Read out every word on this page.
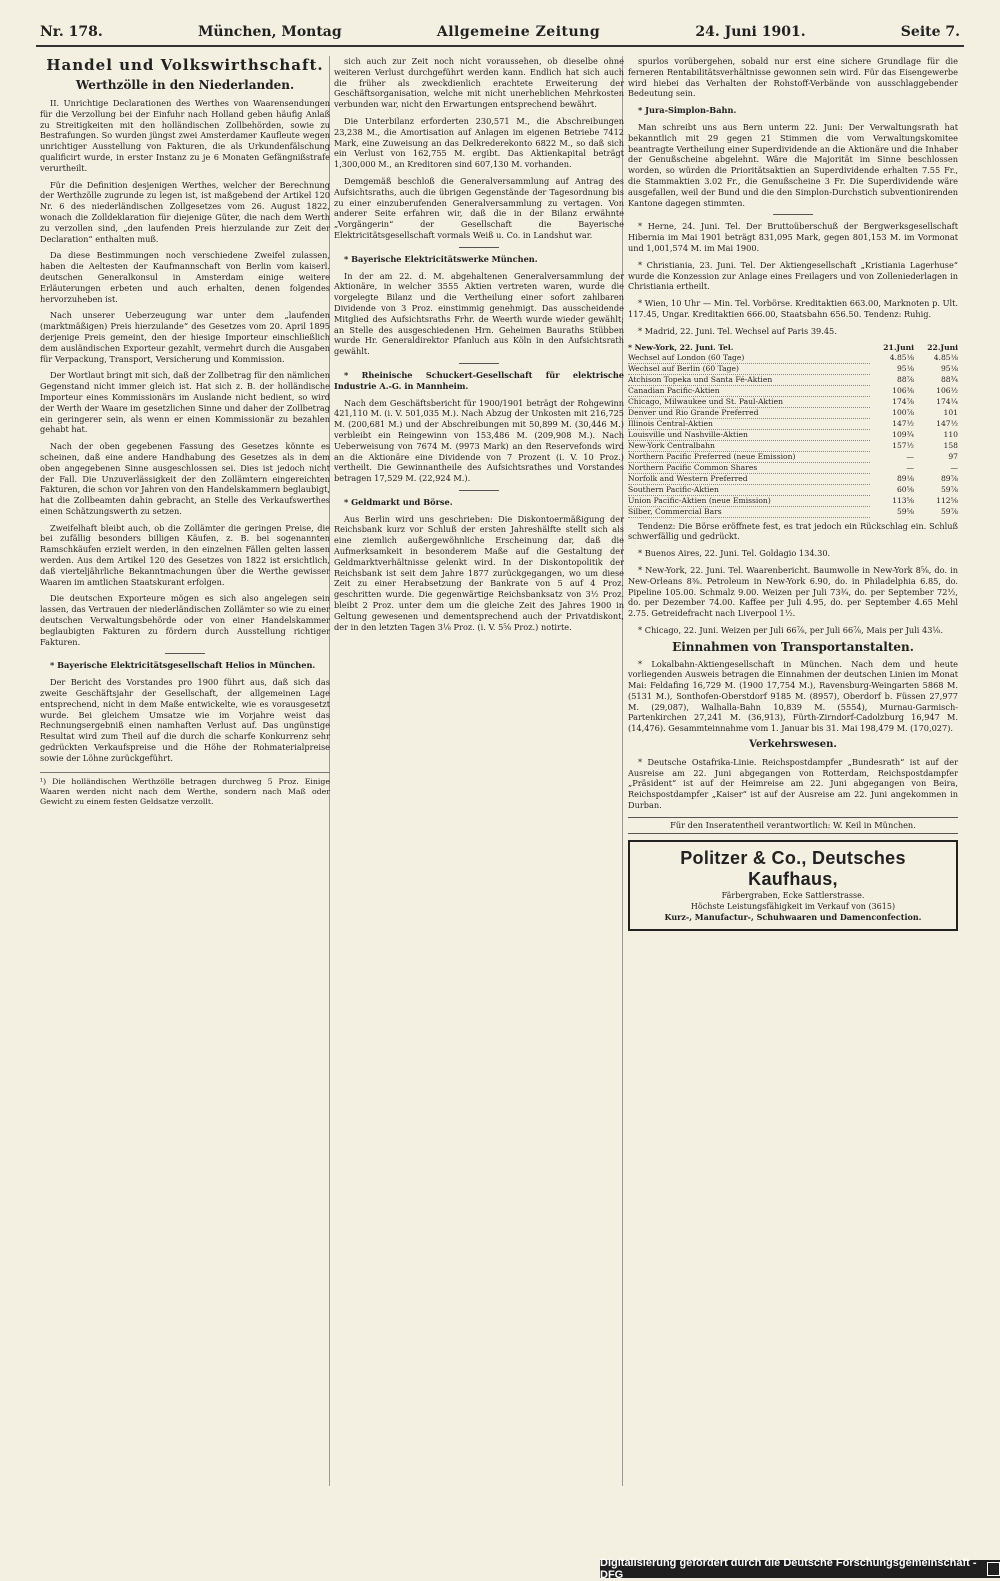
Nr. 178.	München, Montag	Allgemeine Zeitung	24. Juni 1901.	Seite 7.
Handel und Volkswirthschaft.
Werthzölle in den Niederlanden.

II. Unrichtige Declarationen des Werthes von Waarensendungen für die Verzollung bei der Einfuhr nach Holland geben häufig Anlaß zu Streitigkeiten mit den holländischen Zollbehörden, sowie zu Bestrafungen. So wurden jüngst zwei Amsterdamer Kaufleute wegen unrichtiger Ausstellung von Fakturen, die als Urkundenfälschung qualificirt wurde, in erster Instanz zu je 6 Monaten Gefängnißstrafe verurtheilt.

Für die Definition desjenigen Werthes, welcher der Berechnung der Werthzölle zugrunde zu legen ist, ist maßgebend der Artikel 120 Nr. 6 des niederländischen Zollgesetzes vom 26. August 1822, wonach die Zolldeklaration für diejenige Güter, die nach dem Werth zu verzollen sind, „den laufenden Preis hierzulande zur Zeit der Declaration“ enthalten muß.

Da diese Bestimmungen noch verschiedene Zweifel zulassen, haben die Aeltesten der Kaufmannschaft von Berlin vom kaiserl. deutschen Generalkonsul in Amsterdam einige weitere Erläuterungen erbeten und auch erhalten, denen folgendes hervorzuheben ist.

Nach unserer Ueberzeugung war unter dem „laufenden (marktmäßigen) Preis hierzulande“ des Gesetzes vom 20. April 1895 derjenige Preis gemeint, den der hiesige Importeur einschließlich dem ausländischen Exporteur gezahlt, vermehrt durch die Ausgaben für Verpackung, Transport, Versicherung und Kommission.

Der Wortlaut bringt mit sich, daß der Zollbetrag für den nämlichen Gegenstand nicht immer gleich ist. Hat sich z. B. der holländische Importeur eines Kommissionärs im Auslande nicht bedient, so wird der Werth der Waare im gesetzlichen Sinne und daher der Zollbetrag ein geringerer sein, als wenn er einen Kommissionär zu bezahlen gehabt hat.

Nach der oben gegebenen Fassung des Gesetzes könnte es scheinen, daß eine andere Handhabung des Gesetzes als in dem oben angegebenen Sinne ausgeschlossen sei. Dies ist jedoch nicht der Fall. Die Unzuverlässigkeit der den Zollämtern eingereichten Fakturen, die schon vor Jahren von den Handelskammern beglaubigt, hat die Zollbeamten dahin gebracht, an Stelle des Verkaufswerthes einen Schätzungswerth zu setzen.

Zweifelhaft bleibt auch, ob die Zollämter die geringen Preise, die bei zufällig besonders billigen Käufen, z. B. bei sogenannten Ramschkäufen erzielt werden, in den einzelnen Fällen gelten lassen werden. Aus dem Artikel 120 des Gesetzes von 1822 ist ersichtlich, daß vierteljährliche Bekanntmachungen über die Werthe gewisser Waaren im amtlichen Staatskurant erfolgen.

Die deutschen Exporteure mögen es sich also angelegen sein lassen, das Vertrauen der niederländischen Zollämter so wie zu einer deutschen Verwaltungsbehörde oder von einer Handelskammer beglaubigten Fakturen zu fördern durch Ausstellung richtiger Fakturen.

* Bayerische Elektricitätsgesellschaft Helios in München.

Der Bericht des Vorstandes pro 1900 führt aus, daß sich das zweite Geschäftsjahr der Gesellschaft, der allgemeinen Lage entsprechend, nicht in dem Maße entwickelte, wie es vorausgesetzt wurde. Bei gleichem Umsatze wie im Vorjahre weist das Rechnungsergebniß einen namhaften Verlust auf. Das ungünstige Resultat wird zum Theil auf die durch die scharfe Konkurrenz sehr gedrückten Verkaufspreise und die Höhe der Rohmaterialpreise sowie der Löhne zurückgeführt.

¹) Die holländischen Werthzölle betragen durchweg 5 Proz. Einige Waaren werden nicht nach dem Werthe, sondern nach Maß oder Gewicht zu einem festen Geldsatze verzollt.

sich auch zur Zeit noch nicht voraussehen, ob dieselbe ohne weiteren Verlust durchgeführt werden kann. Endlich hat sich auch die früher als zweckdienlich erachtete Erweiterung der Geschäftsorganisation, welche mit nicht unerheblichen Mehrkosten verbunden war, nicht den Erwartungen entsprechend bewährt.

Die Unterbilanz erforderten 230,571 M., die Abschreibungen 23,238 M., die Amortisation auf Anlagen im eigenen Betriebe 7412 Mark, eine Zuweisung an das Delkrederekonto 6822 M., so daß sich ein Verlust von 162,755 M. ergibt. Das Aktienkapital beträgt 1,300,000 M., an Kreditoren sind 607,130 M. vorhanden.

Demgemäß beschloß die Generalversammlung auf Antrag des Aufsichtsraths, auch die übrigen Gegenstände der Tagesordnung bis zu einer einzuberufenden Generalversammlung zu vertagen. Von anderer Seite erfahren wir, daß die in der Bilanz erwähnte „Vorgängerin“ der Gesellschaft die Bayerische Elektricitätsgesellschaft vormals Weiß u. Co. in Landshut war.

* Bayerische Elektricitätswerke München.

In der am 22. d. M. abgehaltenen Generalversammlung der Aktionäre, in welcher 3555 Aktien vertreten waren, wurde die vorgelegte Bilanz und die Vertheilung einer sofort zahlbaren Dividende von 3 Proz. einstimmig genehmigt. Das ausscheidende Mitglied des Aufsichtsraths Frhr. de Weerth wurde wieder gewählt; an Stelle des ausgeschiedenen Hrn. Geheimen Bauraths Stübben wurde Hr. Generaldirektor Pfanluch aus Köln in den Aufsichtsrath gewählt.

* Rheinische Schuckert-Gesellschaft für elektrische Industrie A.-G. in Mannheim.

Nach dem Geschäftsbericht für 1900/1901 beträgt der Rohgewinn 421,110 M. (i. V. 501,035 M.). Nach Abzug der Unkosten mit 216,725 M. (200,681 M.) und der Abschreibungen mit 50,899 M. (30,446 M.) verbleibt ein Reingewinn von 153,486 M. (209,908 M.). Nach Ueberweisung von 7674 M. (9973 Mark) an den Reservefonds wird an die Aktionäre eine Dividende von 7 Prozent (i. V. 10 Proz.) vertheilt. Die Gewinnantheile des Aufsichtsrathes und Vorstandes betragen 17,529 M. (22,924 M.).

* Geldmarkt und Börse.

Aus Berlin wird uns geschrieben: Die Diskontoermäßigung der Reichsbank kurz vor Schluß der ersten Jahreshälfte stellt sich als eine ziemlich außergewöhnliche Erscheinung dar, daß die Aufmerksamkeit in besonderem Maße auf die Gestaltung der Geldmarktverhältnisse gelenkt wird. In der Diskontopolitik der Reichsbank ist seit dem Jahre 1877 zurückgegangen, wo um diese Zeit zu einer Herabsetzung der Bankrate von 5 auf 4 Proz. geschritten wurde. Die gegenwärtige Reichsbanksatz von 3½ Proz. bleibt 2 Proz. unter dem um die gleiche Zeit des Jahres 1900 in Geltung gewesenen und dementsprechend auch der Privatdiskont, der in den letzten Tagen 3⅛ Proz. (i. V. 5⅝ Proz.) notirte.

spurlos vorübergehen, sobald nur erst eine sichere Grundlage für die ferneren Rentabilitätsverhältnisse gewonnen sein wird. Für das Eisengewerbe wird hiebei das Verhalten der Rohstoff-Verbände von ausschlaggebender Bedeutung sein.

* Jura-Simplon-Bahn.

Man schreibt uns aus Bern unterm 22. Juni: Der Verwaltungsrath hat bekanntlich mit 29 gegen 21 Stimmen die vom Verwaltungskomitee beantragte Vertheilung einer Superdividende an die Aktionäre und die Inhaber der Genußscheine abgelehnt. Wäre die Majorität im Sinne beschlossen worden, so würden die Prioritätsaktien an Superdividende erhalten 7.55 Fr., die Stammaktien 3.02 Fr., die Genußscheine 3 Fr. Die Superdividende wäre ausgefallen, weil der Bund und die den Simplon-Durchstich subventionirenden Kantone dagegen stimmten.

* Herne, 24. Juni. Tel. Der Bruttoüberschuß der Bergwerksgesellschaft Hibernia im Mai 1901 beträgt 831,095 Mark, gegen 801,153 M. im Vormonat und 1,001,574 M. im Mai 1900.

* Christiania, 23. Juni. Tel. Der Aktiengesellschaft „Kristiania Lagerhuse“ wurde die Konzession zur Anlage eines Freilagers und von Zolleniederlagen in Christiania ertheilt.

* Wien, 10 Uhr — Min. Tel. Vorbörse. Kreditaktien 663.00, Marknoten p. Ult. 117.45, Ungar. Kreditaktien 666.00, Staatsbahn 656.50. Tendenz: Ruhig.

* Madrid, 22. Juni. Tel. Wechsel auf Paris 39.45.

* New-York, 22. Juni. Tel.	21.Juni	22.Juni
Wechsel auf London (60 Tage)	4.85⅛	4.85⅛
Wechsel auf Berlin (60 Tage)	95⅛	95⅛
Atchison Topeka und Santa Fé-Aktien	88⅞	88¾
Canadian Pacific-Aktien	106⅜	106½
Chicago, Milwaukee und St. Paul-Aktien	174⅞	174¼
Denver und Rio Grande Preferred	100⅞	101
Illinois Central-Aktien	147½	147½
Louisville und Nashville-Aktien	109¾	110
New-York Centralbahn	157½	158
Northern Pacific Preferred (neue Emission)	—	97
Northern Pacific Common Shares	—	—
Norfolk and Western Preferred	89⅛	89⅞
Southern Pacific-Aktien	60⅝	59⅞
Union Pacific-Aktien (neue Emission)	113⅝	112⅝
Silber, Commercial Bars	59⅝	59⅞

Tendenz: Die Börse eröffnete fest, es trat jedoch ein Rückschlag ein. Schluß schwerfällig und gedrückt.

* Buenos Aires, 22. Juni. Tel. Goldagio 134.30.

* New-York, 22. Juni. Tel. Waarenbericht. Baumwolle in New-York 8⅝, do. in New-Orleans 8⅜. Petroleum in New-York 6.90, do. in Philadelphia 6.85, do. Pipeline 105.00. Schmalz 9.00. Weizen per Juli 73¾, do. per September 72½, do. per Dezember 74.00. Kaffee per Juli 4.95, do. per September 4.65 Mehl 2.75. Getreidefracht nach Liverpool 1½.

* Chicago, 22. Juni. Weizen per Juli 66⅞, per Juli 66⅞, Mais per Juli 43⅛.

Einnahmen von Transportanstalten.

* Lokalbahn-Aktiengesellschaft in München. Nach dem und heute vorliegenden Ausweis betragen die Einnahmen der deutschen Linien im Monat Mai: Feldafing 16,729 M. (1900 17,754 M.), Ravensburg-Weingarten 5868 M. (5131 M.), Sonthofen-Oberstdorf 9185 M. (8957), Oberdorf b. Füssen 27,977 M. (29,087), Walhalla-Bahn 10,839 M. (5554), Murnau-Garmisch-Partenkirchen 27,241 M. (36,913), Fürth-Zirndorf-Cadolzburg 16,947 M. (14,476). Gesammteinnahme vom 1. Januar bis 31. Mai 198,479 M. (170,027).

Verkehrswesen.

* Deutsche Ostafrika-Linie. Reichspostdampfer „Bundesrath“ ist auf der Ausreise am 22. Juni abgegangen von Rotterdam, Reichspostdampfer „Präsident“ ist auf der Heimreise am 22. Juni abgegangen von Beira, Reichspostdampfer „Kaiser“ ist auf der Ausreise am 22. Juni angekommen in Durban.

Für den Inseratentheil verantwortlich: W. Keil in München.

Politzer & Co., Deutsches Kaufhaus,
Färbergraben, Ecke Sattlerstrasse.
Höchste Leistungsfähigkeit im Verkauf von (3615)
Kurz-, Manufactur-, Schuhwaaren und Damenconfection.
Digitalisierung gefördert durch die Deutsche Forschungsgemeinschaft - DFG
